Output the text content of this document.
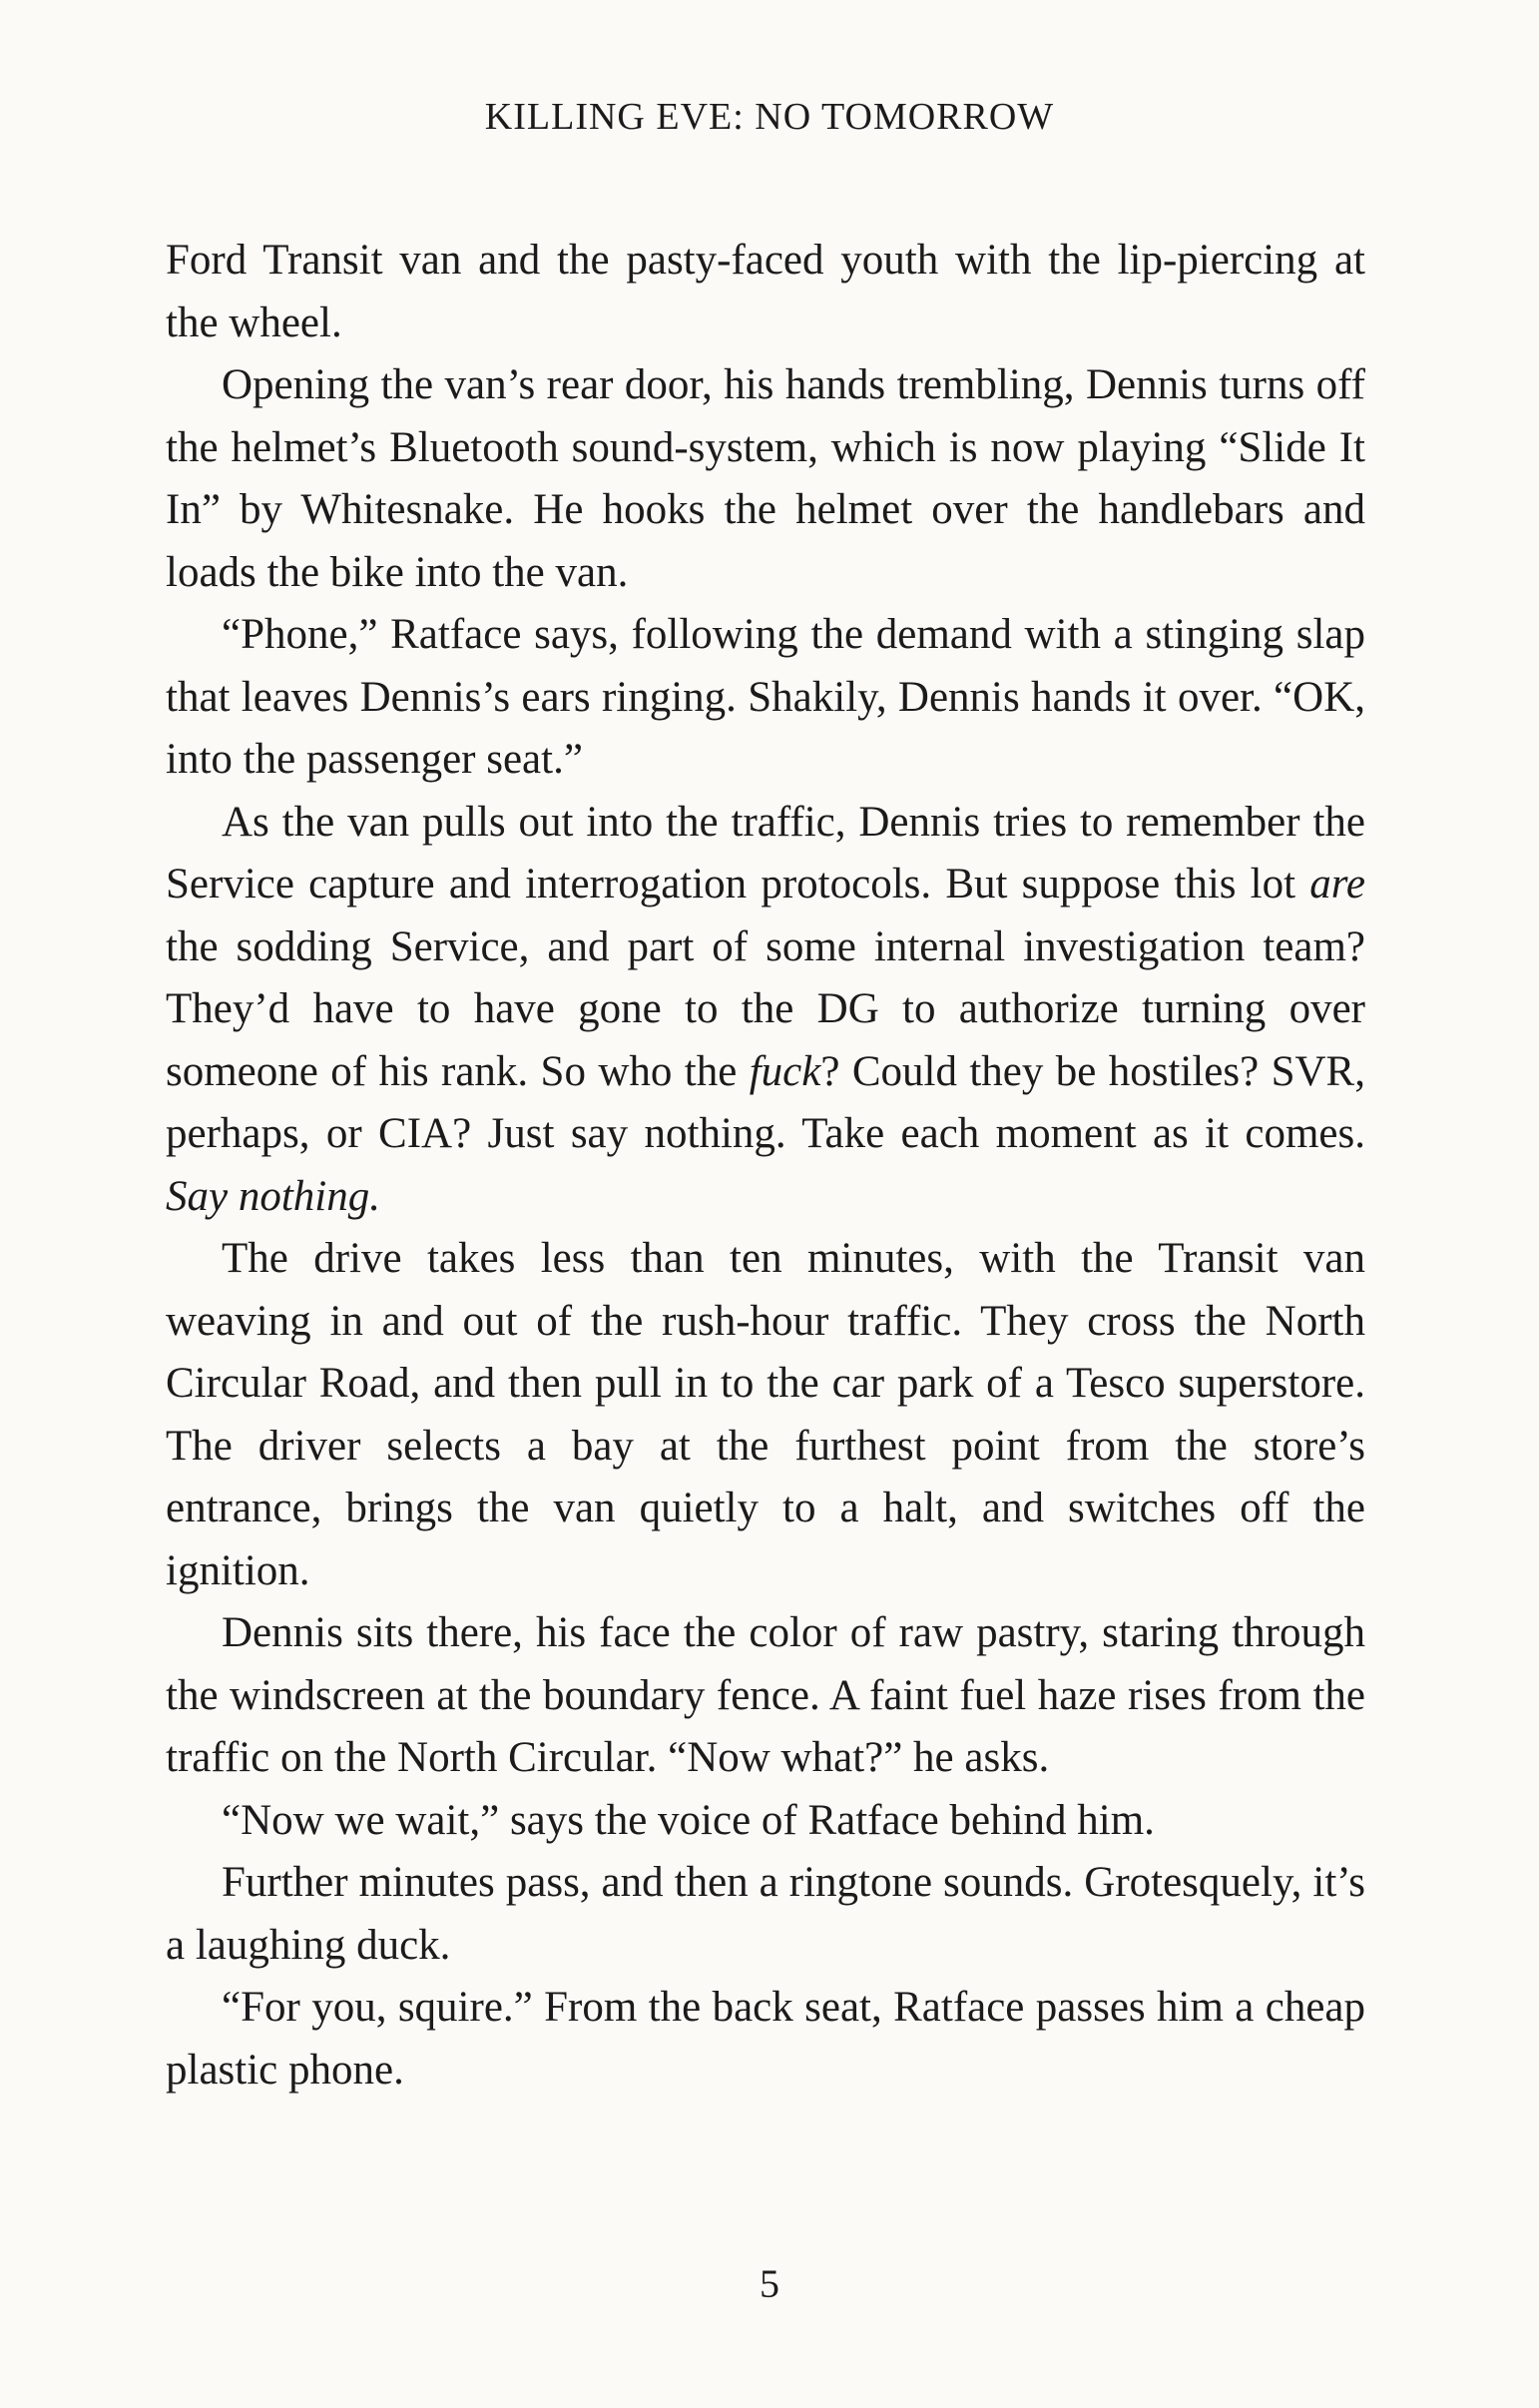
KILLING EVE: NO TOMORROW

Ford Transit van and the pasty-faced youth with the lip-piercing at the wheel.

Opening the van’s rear door, his hands trembling, Dennis turns off the helmet’s Bluetooth sound-system, which is now playing “Slide It In” by Whitesnake. He hooks the helmet over the handlebars and loads the bike into the van.

“Phone,” Ratface says, following the demand with a stinging slap that leaves Dennis’s ears ringing. Shakily, Dennis hands it over. “OK, into the passenger seat.”

As the van pulls out into the traffic, Dennis tries to remember the Service capture and interrogation protocols. But suppose this lot are the sodding Service, and part of some internal investigation team? They’d have to have gone to the DG to authorize turning over someone of his rank. So who the fuck? Could they be hostiles? SVR, perhaps, or CIA? Just say nothing. Take each moment as it comes. Say nothing.

The drive takes less than ten minutes, with the Transit van weaving in and out of the rush-hour traffic. They cross the North Circular Road, and then pull in to the car park of a Tesco superstore. The driver selects a bay at the furthest point from the store’s entrance, brings the van quietly to a halt, and switches off the ignition.

Dennis sits there, his face the color of raw pastry, staring through the windscreen at the boundary fence. A faint fuel haze rises from the traffic on the North Circular. “Now what?” he asks.

“Now we wait,” says the voice of Ratface behind him.

Further minutes pass, and then a ringtone sounds. Grotesquely, it’s a laughing duck.

“For you, squire.” From the back seat, Ratface passes him a cheap plastic phone.

5
